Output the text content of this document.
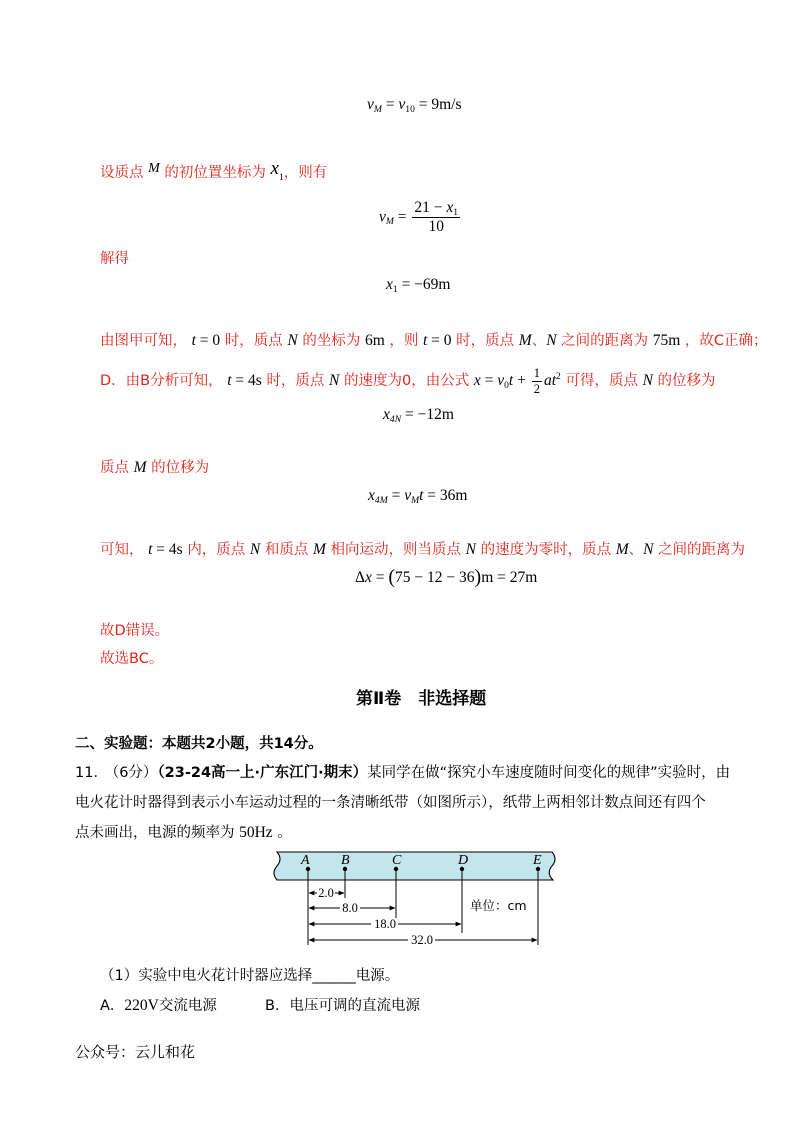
vM = v10 = 9m/s
设质点 M 的初位置坐标为 x1，则有
vM = $\frac{21 - x1}{10}$
解得
x1 = −69m
由图甲可知， t = 0 时，质点 N 的坐标为 6m ，则 t = 0 时，质点 M、N 之间的距离为 75m ，故C正确；
D．由B分析可知， t = 4s 时，质点 N 的速度为0，由公式 $x = v0t + \frac{1}{2} at^2$ 可得，质点 N 的位移为
x4N = −12m
质点 M 的位移为
x4M = vMt = 36m
可知， t = 4s 内，质点 N 和质点 M 相向运动，则当质点 N 的速度为零时，质点 M、N 之间的距离为
Δx = (75 − 12 − 36)m = 27m
故D错误。
故选BC。
第Ⅱ卷　非选择题
二、实验题：本题共2小题，共14分。
11． （6分）（23-24高一上·广东江门·期末）某同学在做“探究小车速度随时间变化的规律”实验时，由
电火花计时器得到表示小车运动过程的一条清晰纸带（如图所示），纸带上两相邻计数点间还有四个
点未画出，电源的频率为 50Hz 。
A B	C	D	E
2.0
8.0
18.0
32.0
单位：cm
（1）实验中电火花计时器应选择______电源。
A．220V交流电源	B．电压可调的直流电源
公众号：云儿和花
